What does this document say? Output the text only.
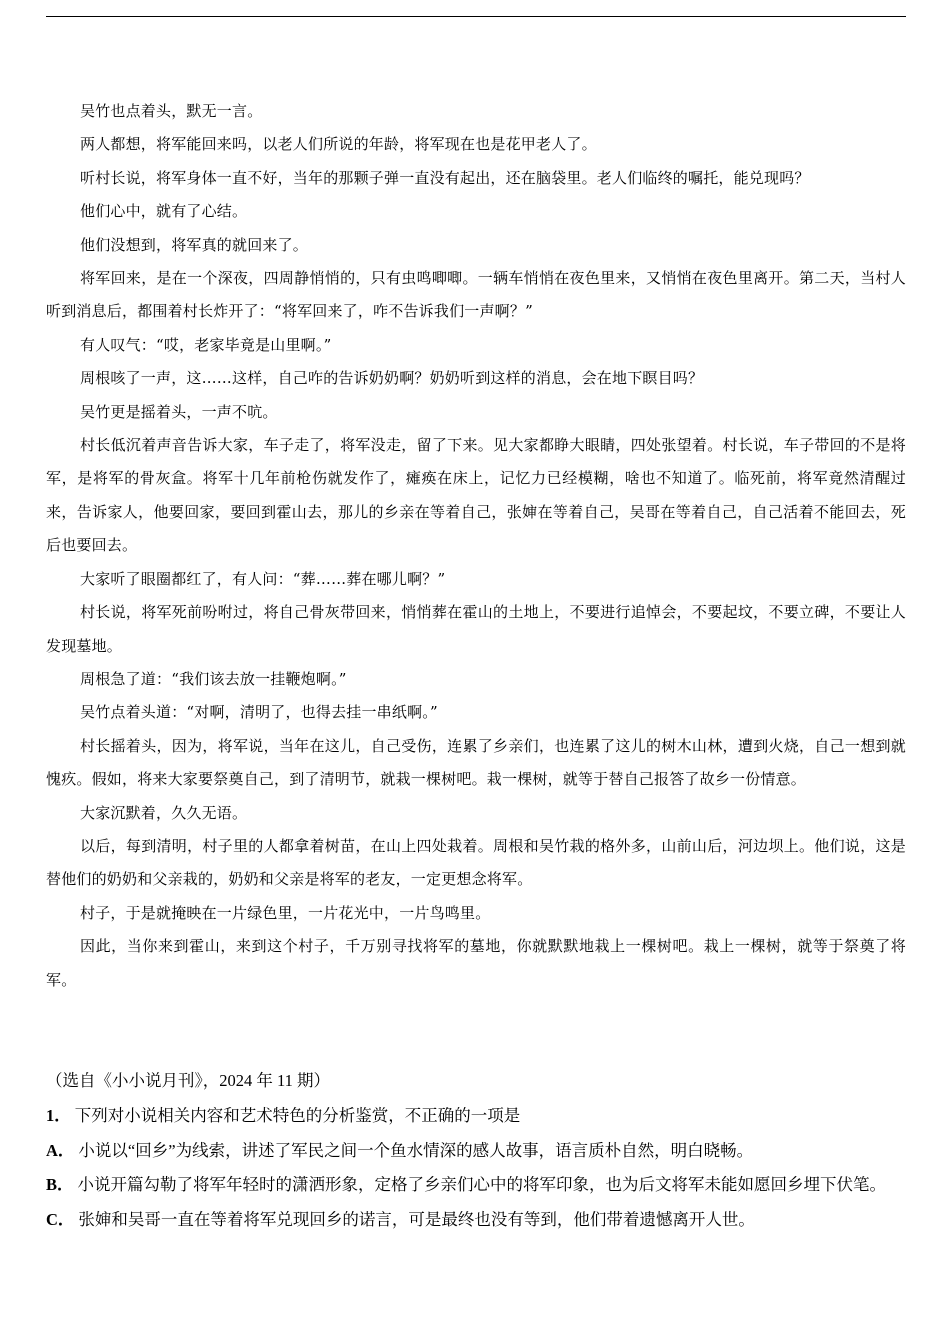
吴竹也点着头，默无一言。

两人都想，将军能回来吗，以老人们所说的年龄，将军现在也是花甲老人了。

听村长说，将军身体一直不好，当年的那颗子弹一直没有起出，还在脑袋里。老人们临终的嘱托，能兑现吗？

他们心中，就有了心结。

他们没想到，将军真的就回来了。

将军回来，是在一个深夜，四周静悄悄的，只有虫鸣唧唧。一辆车悄悄在夜色里来，又悄悄在夜色里离开。第二天，当村人听到消息后，都围着村长炸开了：“将军回来了，咋不告诉我们一声啊？”

有人叹气：“哎，老家毕竟是山里啊。”

周根咳了一声，这……这样，自己咋的告诉奶奶啊？奶奶听到这样的消息，会在地下瞑目吗？

吴竹更是摇着头，一声不吭。

村长低沉着声音告诉大家，车子走了，将军没走，留了下来。见大家都睁大眼睛，四处张望着。村长说，车子带回的不是将军，是将军的骨灰盒。将军十几年前枪伤就发作了，瘫痪在床上，记忆力已经模糊，啥也不知道了。临死前，将军竟然清醒过来，告诉家人，他要回家，要回到霍山去，那儿的乡亲在等着自己，张婶在等着自己，吴哥在等着自己，自己活着不能回去，死后也要回去。

大家听了眼圈都红了，有人问：“葬……葬在哪儿啊？”

村长说，将军死前吩咐过，将自己骨灰带回来，悄悄葬在霍山的土地上，不要进行追悼会，不要起坟，不要立碑，不要让人发现墓地。

周根急了道：“我们该去放一挂鞭炮啊。”

吴竹点着头道：“对啊，清明了，也得去挂一串纸啊。”

村长摇着头，因为，将军说，当年在这儿，自己受伤，连累了乡亲们，也连累了这儿的树木山林，遭到火烧，自己一想到就愧疚。假如，将来大家要祭奠自己，到了清明节，就栽一棵树吧。栽一棵树，就等于替自己报答了故乡一份情意。

大家沉默着，久久无语。

以后，每到清明，村子里的人都拿着树苗，在山上四处栽着。周根和吴竹栽的格外多，山前山后，河边坝上。他们说，这是替他们的奶奶和父亲栽的，奶奶和父亲是将军的老友，一定更想念将军。

村子，于是就掩映在一片绿色里，一片花光中，一片鸟鸣里。

因此，当你来到霍山，来到这个村子，千万别寻找将军的墓地，你就默默地栽上一棵树吧。栽上一棵树，就等于祭奠了将军。

（选自《小小说月刊》，2024 年 11 期）

1． 下列对小说相关内容和艺术特色的分析鉴赏，不正确的一项是

A． 小说以“回乡”为线索，讲述了军民之间一个鱼水情深的感人故事，语言质朴自然，明白晓畅。

B． 小说开篇勾勒了将军年轻时的潇洒形象，定格了乡亲们心中的将军印象，也为后文将军未能如愿回乡埋下伏笔。

C． 张婶和吴哥一直在等着将军兑现回乡的诺言，可是最终也没有等到，他们带着遗憾离开人世。
